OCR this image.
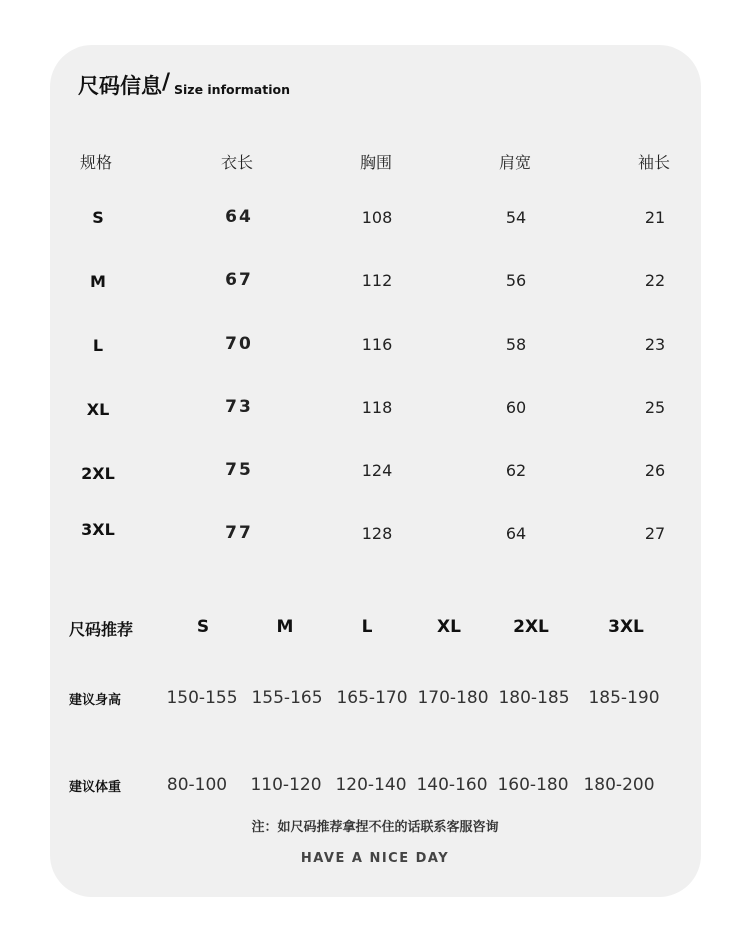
尺码信息 / Size information
规格	衣长	胸围	肩宽	袖长
S	64	108	54	21
M	67	112	56	22
L	70	116	58	23
XL	73	118	60	25
2XL	75	124	62	26
3XL	77	128	64	27
尺码推荐	S	M	L	XL	2XL	3XL
建议身高	150-155 155-165 165-170 170-180 180-185	185-190
建议体重	80-100	110-120 120-140 140-160 160-180 180-200
注：如尺码推荐拿捏不住的话联系客服咨询
HAVE A NICE DAY
